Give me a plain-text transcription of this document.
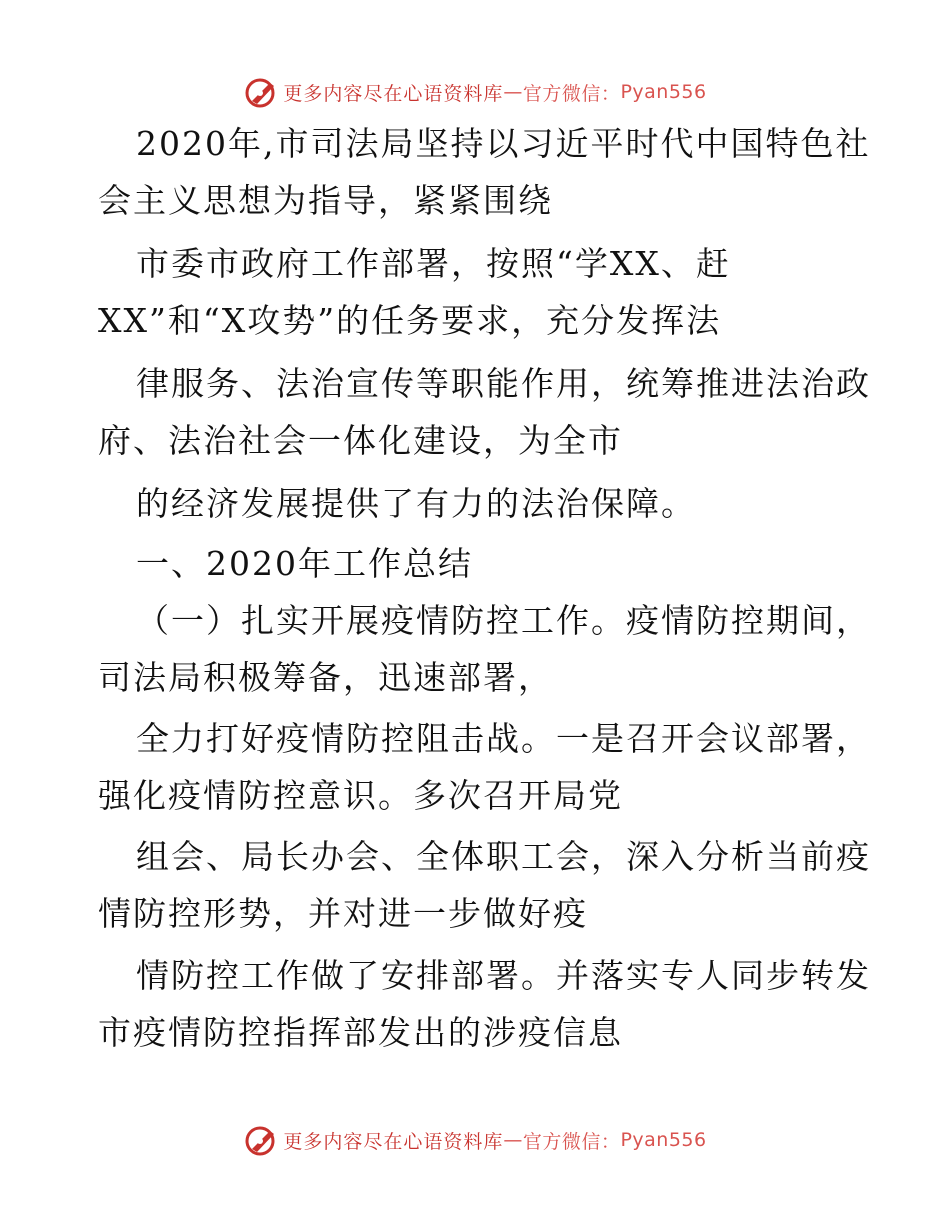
更多内容尽在心语资料库 — 官方微信 ： Pyan556
2020年,市司法局坚持以习近平时代中国特色社
会主义思想为指导，紧紧围绕
市委市政府工作部署，按照“学XX、赶
XX”和“X攻势”的任务要求，充分发挥法
律服务、法治宣传等职能作用，统筹推进法治政
府、法治社会一体化建设，为全市
的经济发展提供了有力的法治保障。
一、2020年工作总结
（一）扎实开展疫情防控工作。疫情防控期间，
司法局积极筹备，迅速部署，
全力打好疫情防控阻击战。一是召开会议部署，
强化疫情防控意识。多次召开局党
组会、局长办会、全体职工会，深入分析当前疫
情防控形势，并对进一步做好疫
情防控工作做了安排部署。并落实专人同步转发
市疫情防控指挥部发出的涉疫信息
更多内容尽在心语资料库 — 官方微信 ： Pyan556
